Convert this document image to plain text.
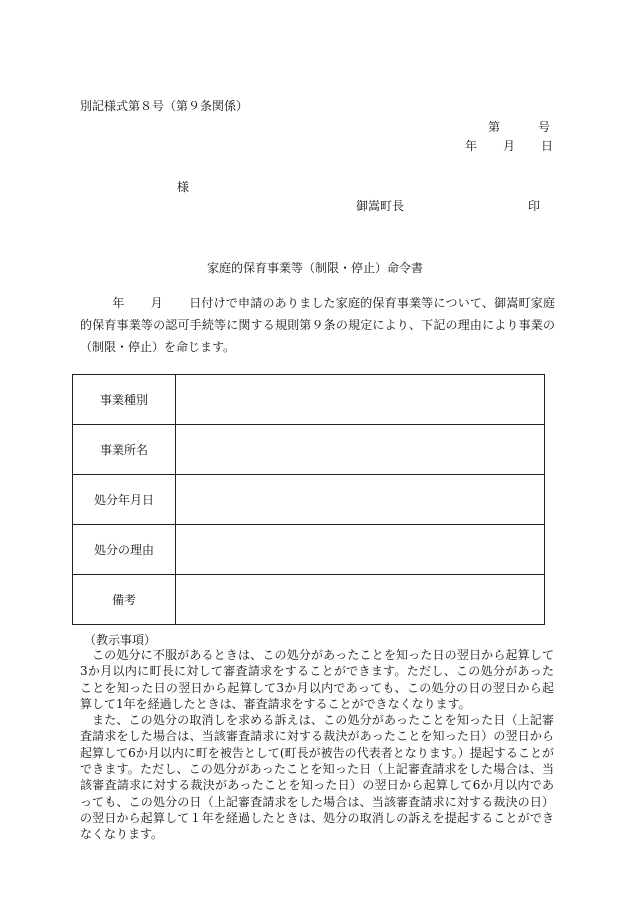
別記様式第８号（第９条関係）
第	号
年 月 日
様
御嵩町長	印
家庭的保育事業等（制限・停止）命令書
年 月 日付けで申請のありました家庭的保育事業等について、御嵩町家庭的保育事業等の認可手続等に関する規則第９条の規定により、下記の理由により事業の（制限・停止）を命じます。
事業種別	
事業所名	
処分年月日	
処分の理由	
備考	
（教示事項）

この処分に不服があるときは、この処分があったことを知った日の翌日から起算して3か月以内に町長に対して審査請求をすることができます。ただし、この処分があったことを知った日の翌日から起算して3か月以内であっても、この処分の日の翌日から起算して1年を経過したときは、審査請求をすることができなくなります。

また、この処分の取消しを求める訴えは、この処分があったことを知った日（上記審査請求をした場合は、当該審査請求に対する裁決があったことを知った日）の翌日から起算して6か月以内に町を被告として(町長が被告の代表者となります。）提起することができます。ただし、この処分があったことを知った日（上記審査請求をした場合は、当該審査請求に対する裁決があったことを知った日）の翌日から起算して6か月以内であっても、この処分の日（上記審査請求をした場合は、当該審査請求に対する裁決の日）の翌日から起算して１年を経過したときは、処分の取消しの訴えを提起することができなくなります。
